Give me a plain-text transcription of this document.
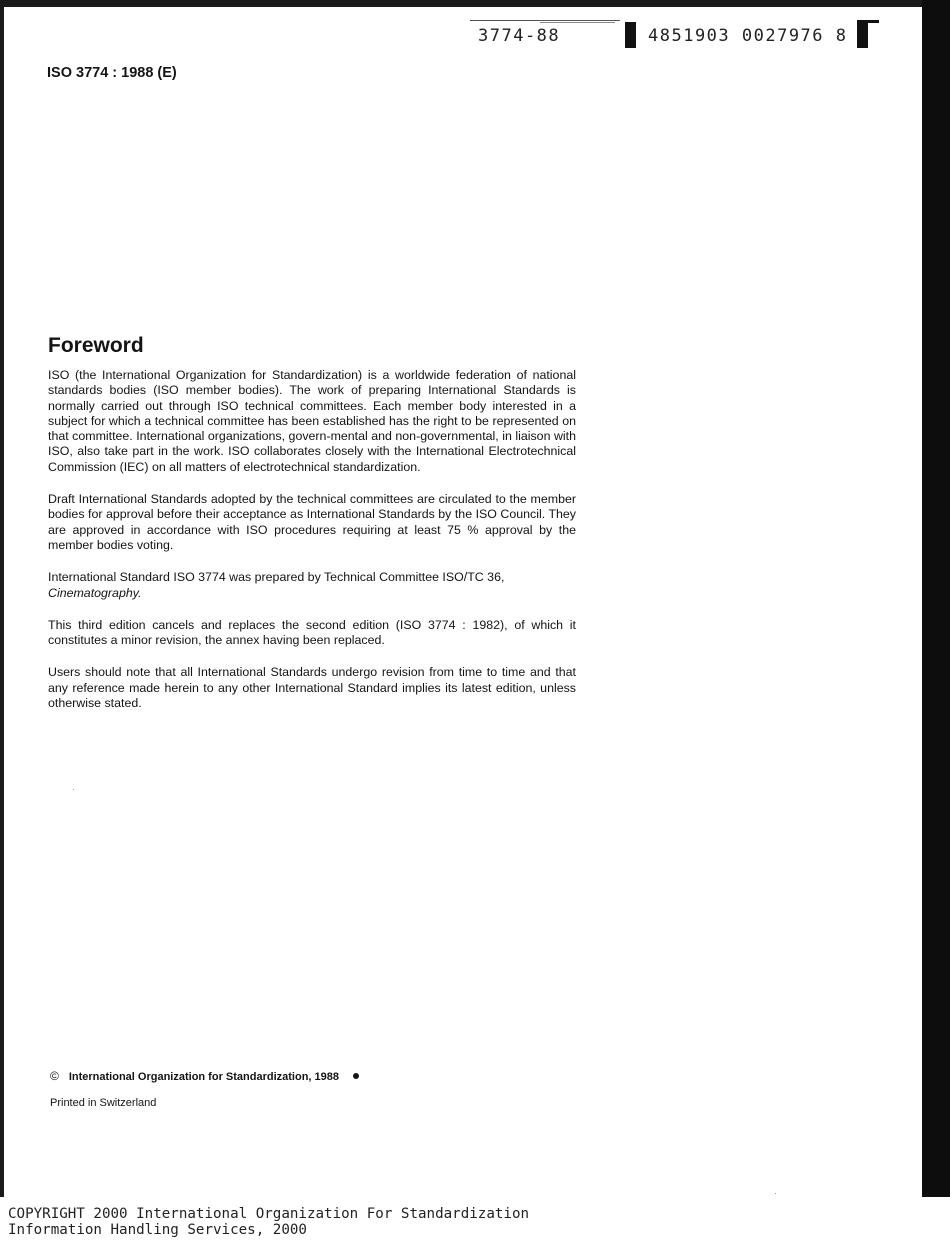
3774-88	4851903 0027976 8
ISO 3774 : 1988 (E)
Foreword

ISO (the International Organization for Standardization) is a worldwide federation of national standards bodies (ISO member bodies). The work of preparing International Standards is normally carried out through ISO technical committees. Each member body interested in a subject for which a technical committee has been established has the right to be represented on that committee. International organizations, govern-mental and non-governmental, in liaison with ISO, also take part in the work. ISO collaborates closely with the International Electrotechnical Commission (IEC) on all matters of electrotechnical standardization.

Draft International Standards adopted by the technical committees are circulated to the member bodies for approval before their acceptance as International Standards by the ISO Council. They are approved in accordance with ISO procedures requiring at least 75 % approval by the member bodies voting.

International Standard ISO 3774 was prepared by Technical Committee ISO/TC 36,
Cinematography.

This third edition cancels and replaces the second edition (ISO 3774 : 1982), of which it constitutes a minor revision, the annex having been replaced.

Users should note that all International Standards undergo revision from time to time and that any reference made herein to any other International Standard implies its latest edition, unless otherwise stated.

© International Organization for Standardization, 1988
Printed in Switzerland
COPYRIGHT 2000 International Organization For Standardization
Information Handling Services, 2000
